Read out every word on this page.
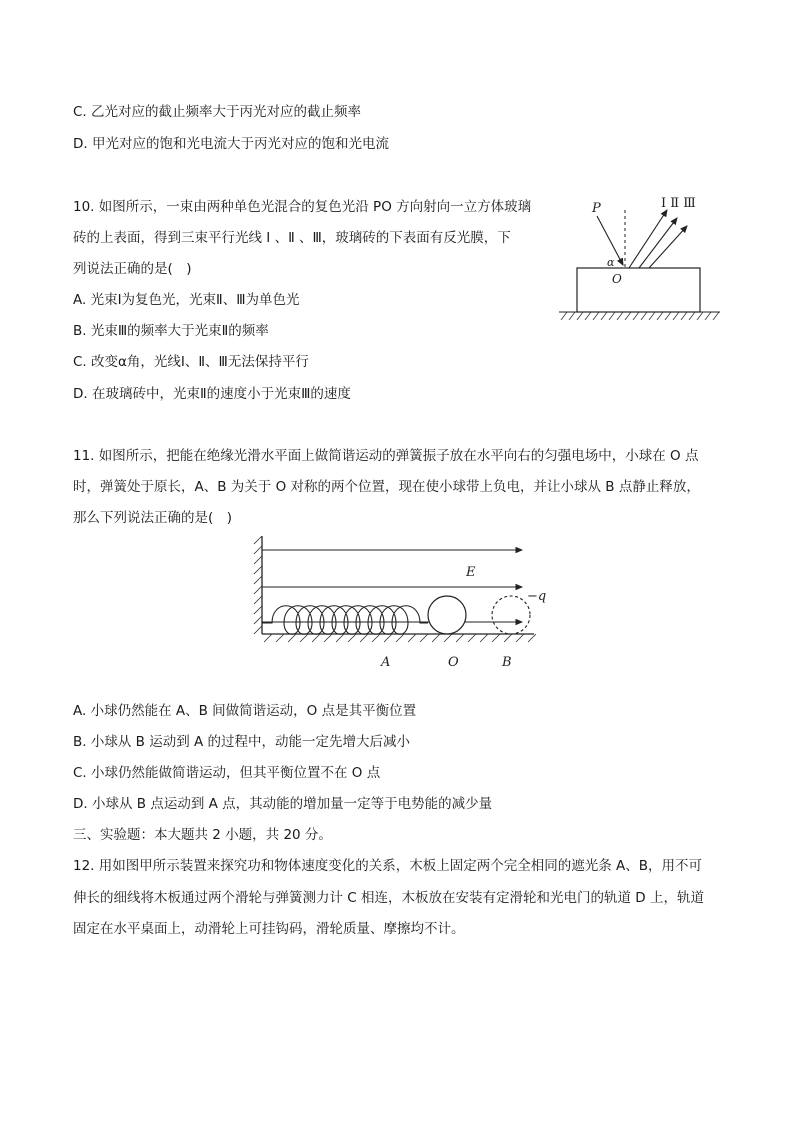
C. 乙光对应的截止频率大于丙光对应的截止频率
D. 甲光对应的饱和光电流大于丙光对应的饱和光电流
10. 如图所示，一束由两种单色光混合的复色光沿 PO 方向射向一立方体玻璃
砖的上表面，得到三束平行光线 Ⅰ 、Ⅱ 、Ⅲ，玻璃砖的下表面有反光膜，下
列说法正确的是(　)
A. 光束Ⅰ为复色光，光束Ⅱ、Ⅲ为单色光
B. 光束Ⅲ的频率大于光束Ⅱ的频率
C. 改变α角，光线Ⅰ、Ⅱ、Ⅲ无法保持平行
D. 在玻璃砖中，光束Ⅱ的速度小于光束Ⅲ的速度
P
α
O
Ⅰ Ⅱ Ⅲ
11. 如图所示，把能在绝缘光滑水平面上做简谐运动的弹簧振子放在水平向右的匀强电场中，小球在 O 点
时，弹簧处于原长，A、B 为关于 O 对称的两个位置，现在使小球带上负电，并让小球从 B 点静止释放，
那么下列说法正确的是(　)
E
−q
A	O	B
A. 小球仍然能在 A、B 间做简谐运动，O 点是其平衡位置
B. 小球从 B 运动到 A 的过程中，动能一定先增大后减小
C. 小球仍然能做简谐运动，但其平衡位置不在 O 点
D. 小球从 B 点运动到 A 点，其动能的增加量一定等于电势能的减少量
三、实验题：本大题共 2 小题，共 20 分。
12. 用如图甲所示装置来探究功和物体速度变化的关系，木板上固定两个完全相同的遮光条 A、B，用不可
伸长的细线将木板通过两个滑轮与弹簧测力计 C 相连，木板放在安装有定滑轮和光电门的轨道 D 上，轨道
固定在水平桌面上，动滑轮上可挂钩码，滑轮质量、摩擦均不计。
